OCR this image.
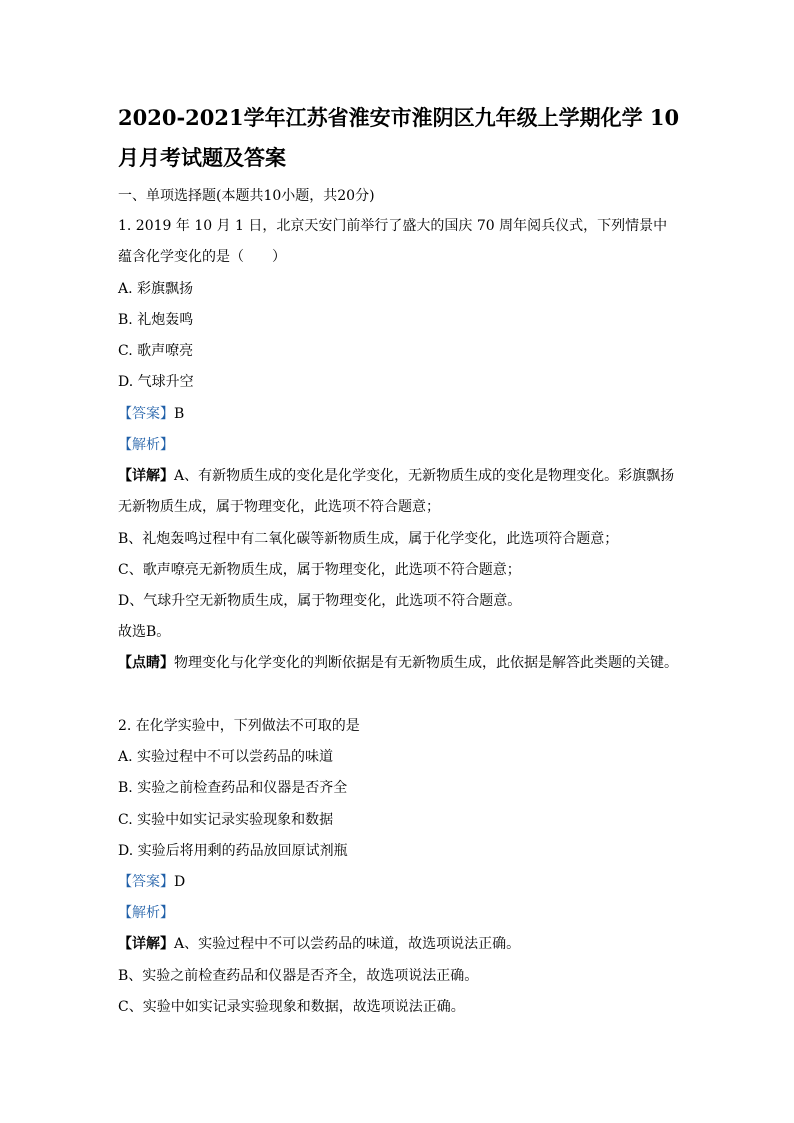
2020-2021学年江苏省淮安市淮阴区九年级上学期化学 10
月月考试题及答案
一、单项选择题(本题共10小题，共20分)
1. 2019 年 10 月 1 日，北京天安门前举行了盛大的国庆 70 周年阅兵仪式，下列情景中
蕴含化学变化的是（　　）
A. 彩旗飘扬
B. 礼炮轰鸣
C. 歌声嘹亮
D. 气球升空
【答案】B
【解析】
【详解】A、有新物质生成的变化是化学变化，无新物质生成的变化是物理变化。彩旗飘扬
无新物质生成，属于物理变化，此选项不符合题意；
B、礼炮轰鸣过程中有二氧化碳等新物质生成，属于化学变化，此选项符合题意；
C、歌声嘹亮无新物质生成，属于物理变化，此选项不符合题意；
D、气球升空无新物质生成，属于物理变化，此选项不符合题意。
故选B。
【点睛】物理变化与化学变化的判断依据是有无新物质生成，此依据是解答此类题的关键。
2. 在化学实验中，下列做法不可取的是
A. 实验过程中不可以尝药品的味道
B. 实验之前检查药品和仪器是否齐全
C. 实验中如实记录实验现象和数据
D. 实验后将用剩的药品放回原试剂瓶
【答案】D
【解析】
【详解】A、实验过程中不可以尝药品的味道，故选项说法正确。
B、实验之前检查药品和仪器是否齐全，故选项说法正确。
C、实验中如实记录实验现象和数据，故选项说法正确。
